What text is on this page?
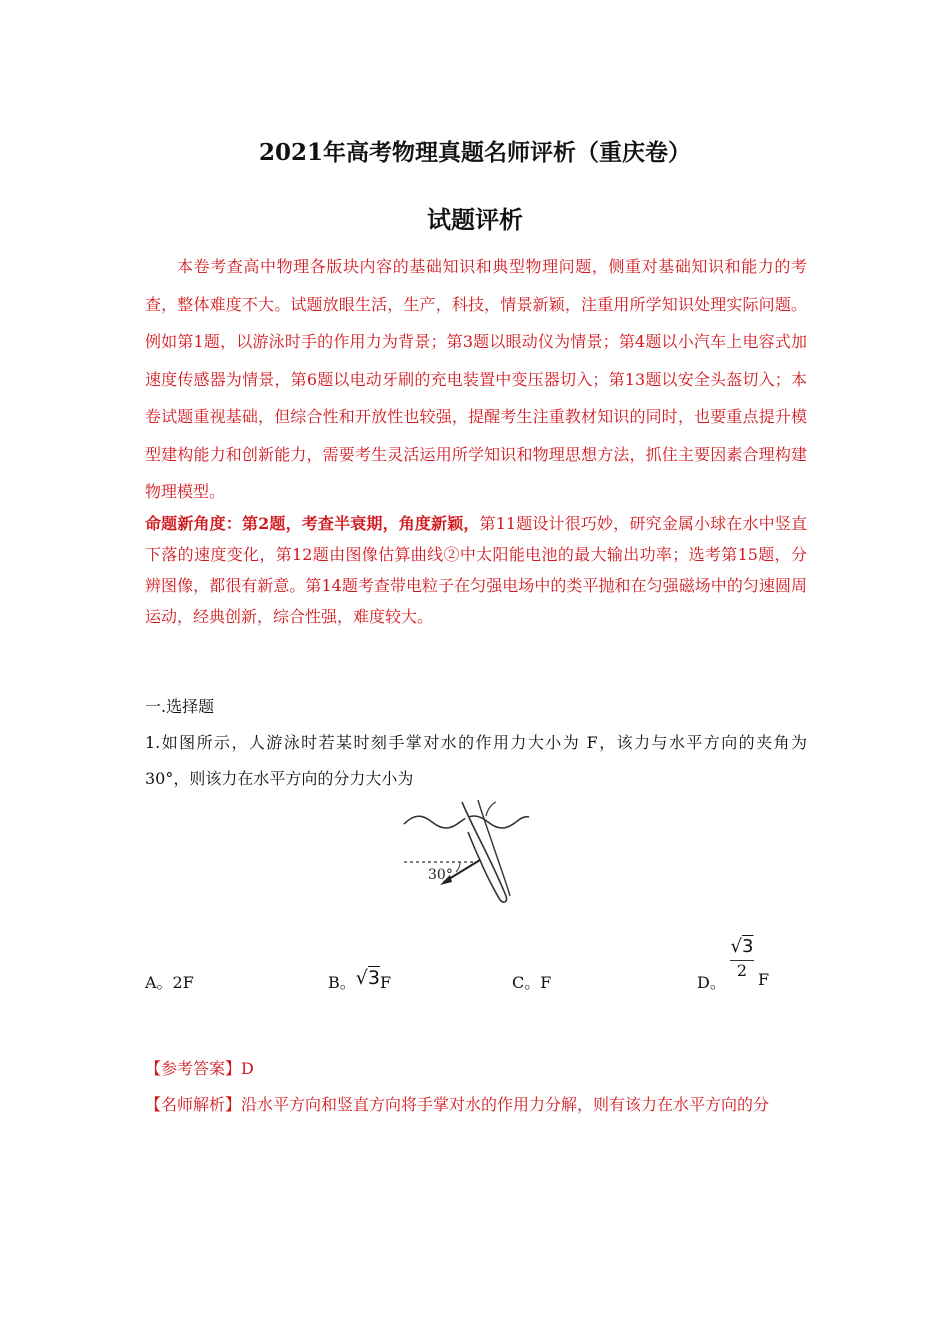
2021年高考物理真题名师评析（重庆卷）
试题评析
本卷考查高中物理各版块内容的基础知识和典型物理问题，侧重对基础知识和能力的考查，整体难度不大。试题放眼生活，生产，科技，情景新颖，注重用所学知识处理实际问题。例如第1题，以游泳时手的作用力为背景；第3题以眼动仪为情景；第4题以小汽车上电容式加速度传感器为情景，第6题以电动牙刷的充电装置中变压器切入；第13题以安全头盔切入；本卷试题重视基础，但综合性和开放性也较强，提醒考生注重教材知识的同时，也要重点提升模型建构能力和创新能力，需要考生灵活运用所学知识和物理思想方法，抓住主要因素合理构建物理模型。
命题新角度：第2题，考查半衰期，角度新颖，第11题设计很巧妙，研究金属小球在水中竖直下落的速度变化，第12题由图像估算曲线②中太阳能电池的最大输出功率；选考第15题，分辨图像，都很有新意。第14题考查带电粒子在匀强电场中的类平抛和在匀强磁场中的匀速圆周运动，经典创新，综合性强，难度较大。
一.选择题
1.如图所示，人游泳时若某时刻手掌对水的作用力大小为 F，该力与水平方向的夹角为
30°，则该力在水平方向的分力大小为
30°
A。2F	B。√3F	C。F	D。
√3
2 F
【参考答案】D
【名师解析】沿水平方向和竖直方向将手掌对水的作用力分解，则有该力在水平方向的分
